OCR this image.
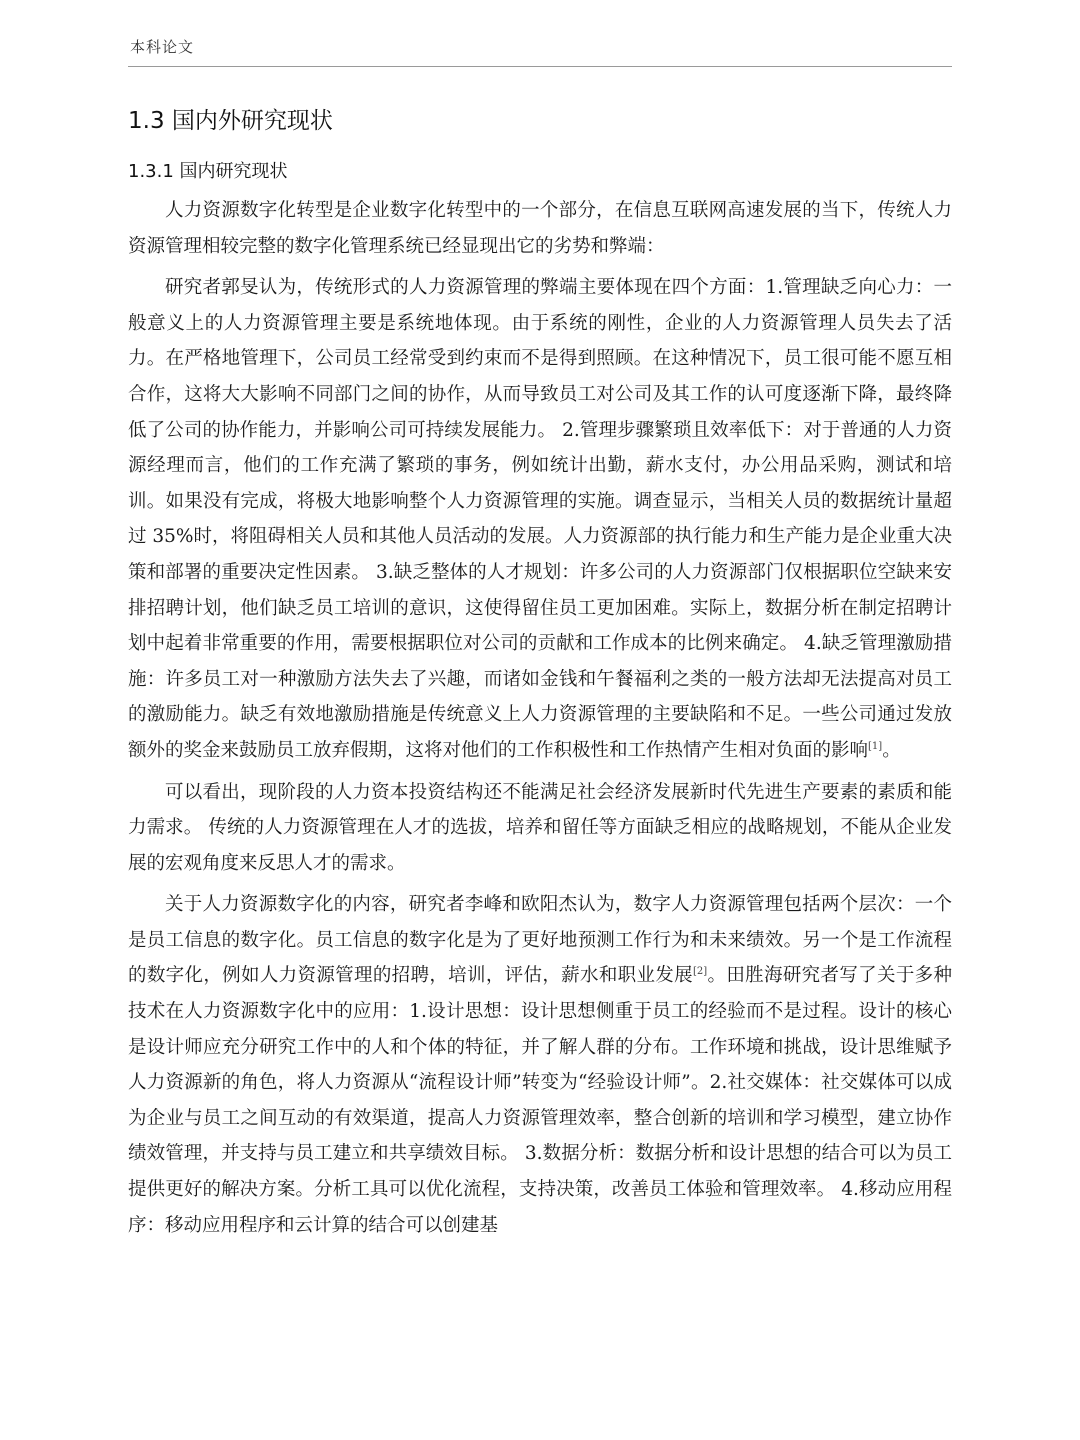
本科论文
1.3 国内外研究现状
1.3.1 国内研究现状

人力资源数字化转型是企业数字化转型中的一个部分，在信息互联网高速发展的当下，传统人力资源管理相较完整的数字化管理系统已经显现出它的劣势和弊端：

研究者郭旻认为，传统形式的人力资源管理的弊端主要体现在四个方面：1.管理缺乏向心力：一般意义上的人力资源管理主要是系统地体现。由于系统的刚性，企业的人力资源管理人员失去了活力。在严格地管理下，公司员工经常受到约束而不是得到照顾。在这种情况下，员工很可能不愿互相合作，这将大大影响不同部门之间的协作，从而导致员工对公司及其工作的认可度逐渐下降，最终降低了公司的协作能力，并影响公司可持续发展能力。 2.管理步骤繁琐且效率低下：对于普通的人力资源经理而言，他们的工作充满了繁琐的事务，例如统计出勤，薪水支付，办公用品采购，测试和培训。如果没有完成，将极大地影响整个人力资源管理的实施。调查显示，当相关人员的数据统计量超过 35%时，将阻碍相关人员和其他人员活动的发展。人力资源部的执行能力和生产能力是企业重大决策和部署的重要决定性因素。 3.缺乏整体的人才规划：许多公司的人力资源部门仅根据职位空缺来安排招聘计划，他们缺乏员工培训的意识，这使得留住员工更加困难。实际上，数据分析在制定招聘计划中起着非常重要的作用，需要根据职位对公司的贡献和工作成本的比例来确定。 4.缺乏管理激励措施：许多员工对一种激励方法失去了兴趣，而诸如金钱和午餐福利之类的一般方法却无法提高对员工的激励能力。缺乏有效地激励措施是传统意义上人力资源管理的主要缺陷和不足。一些公司通过发放额外的奖金来鼓励员工放弃假期，这将对他们的工作积极性和工作热情产生相对负面的影响[1]。

可以看出，现阶段的人力资本投资结构还不能满足社会经济发展新时代先进生产要素的素质和能力需求。 传统的人力资源管理在人才的选拔，培养和留任等方面缺乏相应的战略规划，不能从企业发展的宏观角度来反思人才的需求。

关于人力资源数字化的内容，研究者李峰和欧阳杰认为，数字人力资源管理包括两个层次：一个是员工信息的数字化。员工信息的数字化是为了更好地预测工作行为和未来绩效。另一个是工作流程的数字化，例如人力资源管理的招聘，培训，评估，薪水和职业发展[2]。田胜海研究者写了关于多种技术在人力资源数字化中的应用：1.设计思想：设计思想侧重于员工的经验而不是过程。设计的核心是设计师应充分研究工作中的人和个体的特征，并了解人群的分布。工作环境和挑战，设计思维赋予人力资源新的角色，将人力资源从“流程设计师”转变为“经验设计师”。2.社交媒体：社交媒体可以成为企业与员工之间互动的有效渠道，提高人力资源管理效率，整合创新的培训和学习模型，建立协作绩效管理，并支持与员工建立和共享绩效目标。 3.数据分析：数据分析和设计思想的结合可以为员工提供更好的解决方案。分析工具可以优化流程，支持决策，改善员工体验和管理效率。 4.移动应用程序：移动应用程序和云计算的结合可以创建基
